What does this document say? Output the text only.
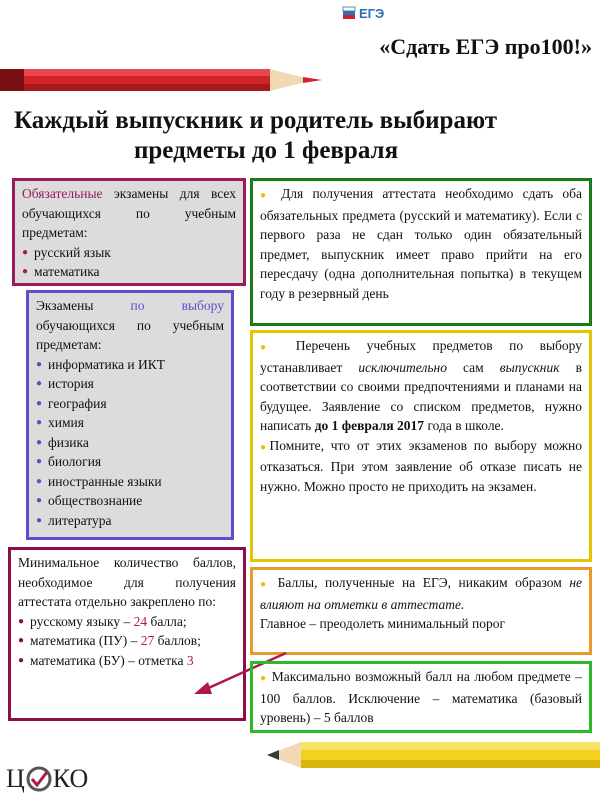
ЕГЭ
«Сдать ЕГЭ про100!»
Каждый выпускник и родитель выбирают
предметы до 1 февраля

Обязательные экзамены для всех обучающихся по учебным предметам:

● русский язык
● математика

● Для получения аттестата необходимо сдать оба обязательных предмета (русский и математику). Если с первого раза не сдан только один обязательный предмет, выпускник имеет право прийти на его пересдачу (одна дополнительная попытка) в текущем году в резервный день

Экзамены по выбору обучающихся по учебным предметам:

● информатика и ИКТ
● история
● география
● химия
● физика
● биология
● иностранные языки
● обществознание
● литература

● Перечень учебных предметов по выбору устанавливает исключительно сам выпускник в соответствии со своими предпочтениями и планами на будущее. Заявление со списком предметов, нужно написать до 1 февраля 2017 года в школе.

●Помните, что от этих экзаменов по выбору можно отказаться. При этом заявление об отказе писать не нужно. Можно просто не приходить на экзамен.

Минимальное количество баллов, необходимое для получения аттестата отдельно закреплено по:

● русскому языку – 24 балла;
● математика (ПУ) – 27 баллов;
● математика (БУ) – отметка 3

● Баллы, полученные на ЕГЭ, никаким образом не влияют на отметки в аттестате.

Главное – преодолеть минимальный порог

● Максимально возможный балл на любом предмете – 100 баллов. Исключение – математика (базовый уровень) – 5 баллов

Ц КО
